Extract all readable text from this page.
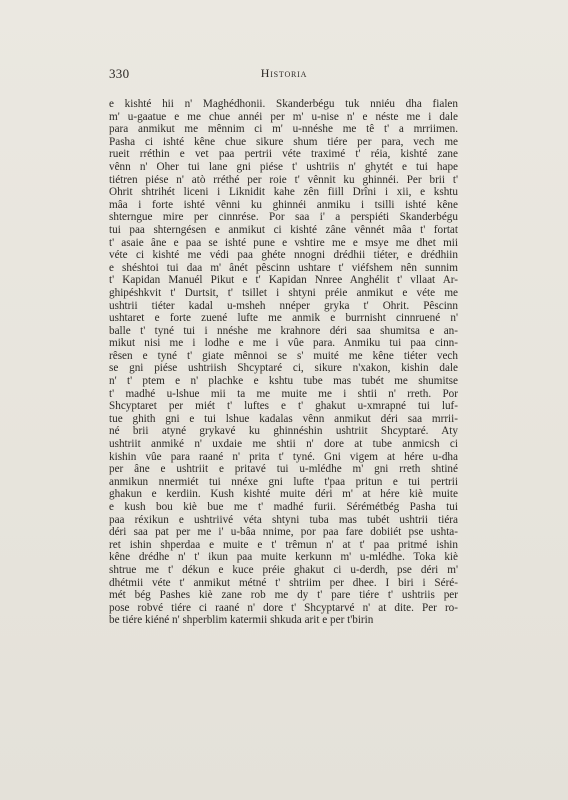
330	Historia
e kishté hii n' Maghédhonii. Skanderbégu tuk nniéu dha fialen
m' u-gaatue e me chue annéi per m' u-nise n' e néste me i dale
para anmikut me mênnim ci m' u-nnéshe me tê t' a mrriimen.
Pasha ci ishté kêne chue sikure shum tiére per para, vech me
rueit rréthin e vet paa pertrii véte traximé t' réia, kishté zane
vênn n' Oher tui lane gni piése t' ushtriis n' ghytét e tui hape
tiétren piése n' atò rréthé per roie t' vênnit ku ghinnéi. Per brii t'
Ohrit shtrihét liceni i Liknidit kahe zên fiill Drîni i xii, e kshtu
mâa i forte ishté vênni ku ghinnéi anmiku i tsilli ishté kêne
shterngue mire per cinnrése. Por saa i' a perspiéti Skanderbégu
tui paa shterngésen e anmikut ci kishté zâne vênnét mâa t' fortat
t' asaie âne e paa se ishté pune e vshtire me e msye me dhet mii
véte ci kishté me védi paa ghéte nnogni drédhii tiéter, e drédhiin
e shéshtoi tui daa m' ânét pêscinn ushtare t' viéfshem nên sunnim
t' Kapidan Manuél Pikut e t' Kapidan Nnree Anghélit t' vllaat Ar-
ghipéshkvit t' Durtsit, t' tsillet i shtyni préie anmikut e véte me
ushtrii tiéter kadal u-msheh nnéper gryka t' Ohrit. Pêscinn
ushtaret e forte zuené lufte me anmik e burrnisht cinnruené n'
balle t' tyné tui i nnéshe me krahnore déri saa shumitsa e an-
mikut nisi me i lodhe e me i vûe para. Anmiku tui paa cinn-
rêsen e tyné t' giate mênnoi se s' muité me kêne tiéter vech
se gni piése ushtriish Shcyptaré ci, sikure n'xakon, kishin dale
n' t' ptem e n' plachke e kshtu tube mas tubét me shumitse
t' madhé u-lshue mii ta me muite me i shtii n' rreth. Por
Shcyptaret per miét t' luftes e t' ghakut u-xmrapné tui luf-
tue ghith gni e tui lshue kadalas vênn anmikut déri saa mrrii-
né brii atyné grykavé ku ghinnéshin ushtriit Shcyptaré. Aty
ushtriit anmiké n' uxdaie me shtii n' dore at tube anmicsh ci
kishin vûe para raané n' prita t' tyné. Gni vigem at hére u-dha
per âne e ushtriit e pritavé tui u-mlédhe m' gni rreth shtiné
anmikun nnermiét tui nnéxe gni lufte t'paa pritun e tui pertrii
ghakun e kerdiin. Kush kishté muite déri m' at hére kiè muite
e kush bou kiè bue me t' madhé furii. Sérémétbég Pasha tui
paa réxikun e ushtriivé véta shtyni tuba mas tubét ushtrii tiéra
déri saa pat per me i' u-bâa nnime, por paa fare dobiiét pse ushta-
ret ishin shperdaa e muite e t' trêmun n' at t' paa pritmé ishin
kêne drédhe n' t' ikun paa muite kerkunn m' u-mlédhe. Toka kiè
shtrue me t' dékun e kuce préie ghakut ci u-derdh, pse déri m'
dhétmii véte t' anmikut métné t' shtriim per dhee. I biri i Séré-
mét bég Pashes kiè zane rob me dy t' pare tiére t' ushtriis per
pose robvé tiére ci raané n' dore t' Shcyptarvé n' at dite. Per ro-
be tiére kiéné n' shperblim katermii shkuda arit e per t'birin
